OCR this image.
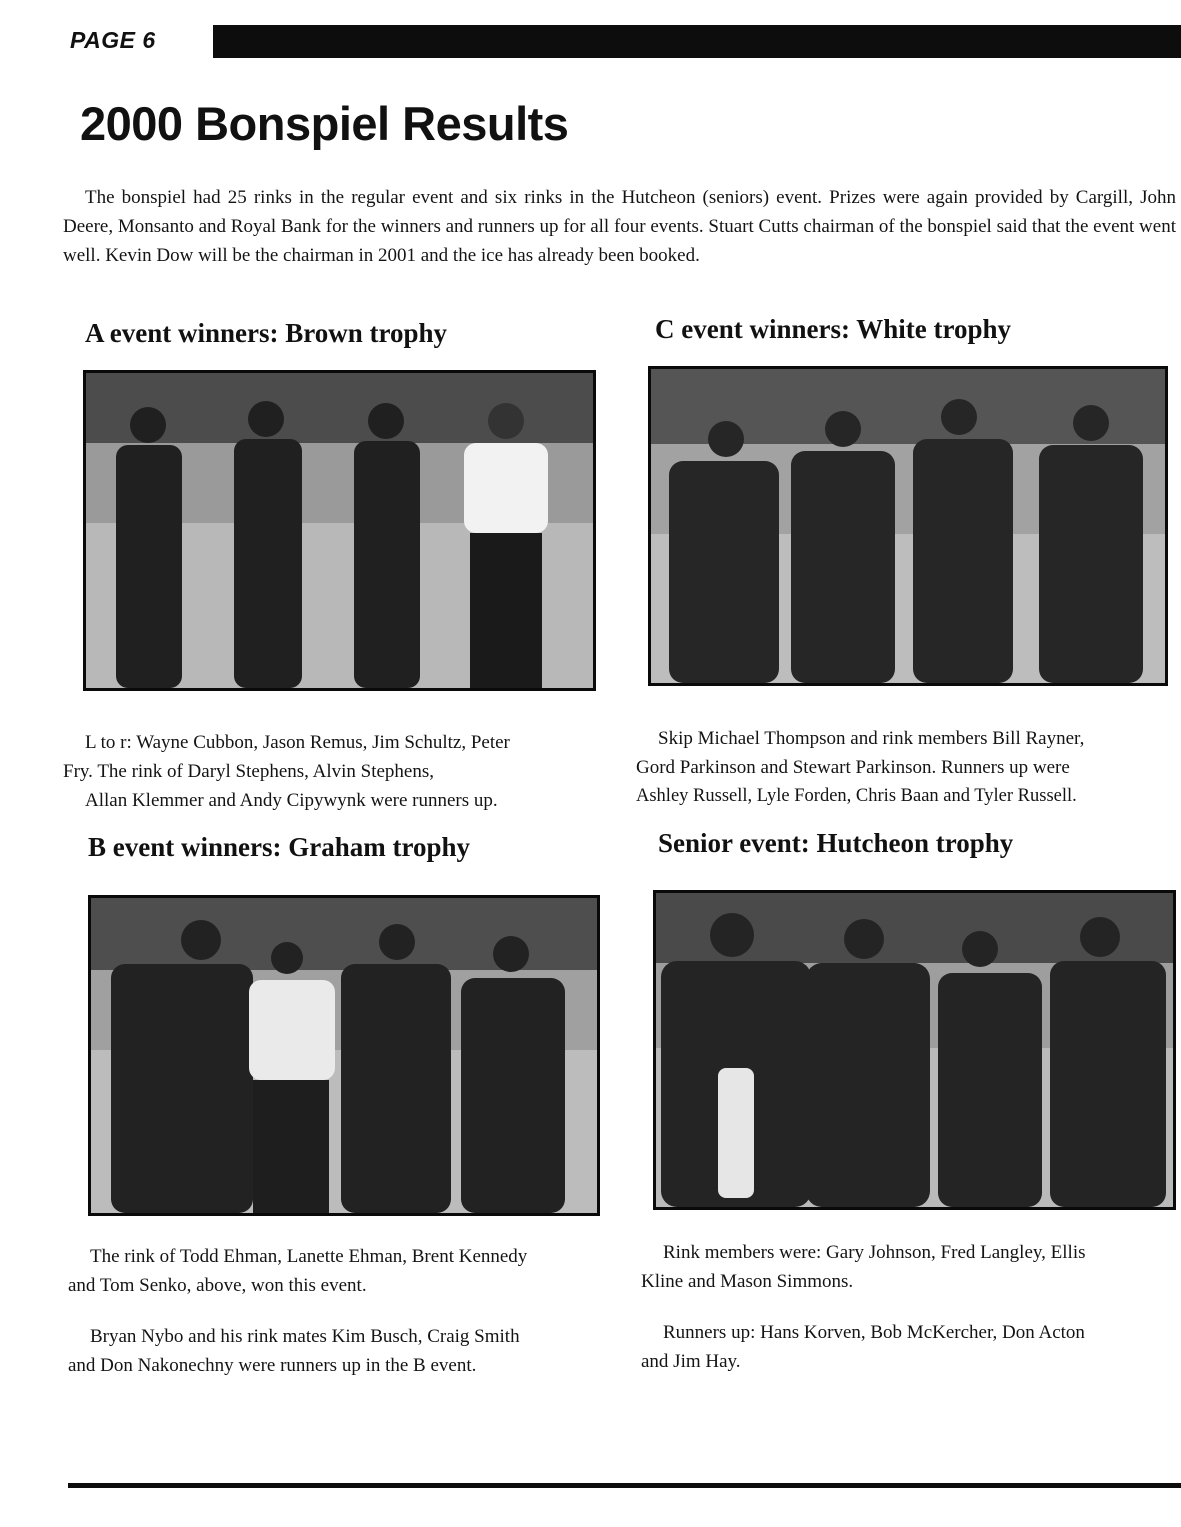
PAGE 6
2000 Bonspiel Results

The bonspiel had 25 rinks in the regular event and six rinks in the Hutcheon (seniors) event. Prizes were again provided by Cargill, John Deere, Monsanto and Royal Bank for the winners and runners up for all four events. Stuart Cutts chairman of the bonspiel said that the event went well. Kevin Dow will be the chairman in 2001 and the ice has already been booked.

A event winners: Brown trophy

L to r: Wayne Cubbon, Jason Remus, Jim Schultz, Peter
Fry. The rink of Daryl Stephens, Alvin Stephens,
Allan Klemmer and Andy Cipywynk were runners up.

C event winners: White trophy

Skip Michael Thompson and rink members Bill Rayner,
Gord Parkinson and Stewart Parkinson. Runners up were
Ashley Russell, Lyle Forden, Chris Baan and Tyler Russell.

B event winners: Graham trophy

The rink of Todd Ehman, Lanette Ehman, Brent Kennedy
and Tom Senko, above, won this event.

Bryan Nybo and his rink mates Kim Busch, Craig Smith
and Don Nakonechny were runners up in the B event.

Senior event: Hutcheon trophy

Rink members were: Gary Johnson, Fred Langley, Ellis
Kline and Mason Simmons.

Runners up: Hans Korven, Bob McKercher, Don Acton
and Jim Hay.
